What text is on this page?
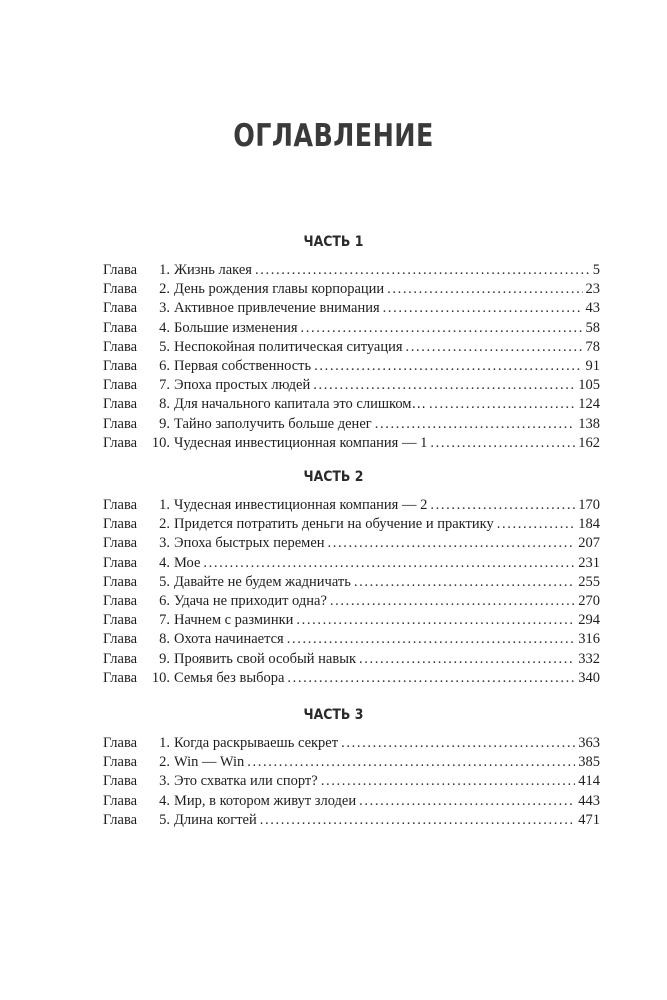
ОГЛАВЛЕНИЕ
ЧАСТЬ 1
Глава	1. Жизнь лакея . . .	5
Глава	2. День рождения главы корпорации . . .	23
Глава	3. Активное привлечение внимания . . .	43
Глава	4. Большие изменения . . .	58
Глава	5. Неспокойная политическая ситуация . . .	78
Глава	6. Первая собственность . . .	91
Глава	7. Эпоха простых людей . . .	105
Глава	8. Для начального капитала это слишком… . . .	124
Глава	9. Тайно заполучить больше денег . . .	138
Глава	10. Чудесная инвестиционная компания — 1 . . .	162
ЧАСТЬ 2
Глава	1. Чудесная инвестиционная компания — 2 . . .	170
Глава	2. Придется потратить деньги на обучение и практику . . .	184
Глава	3. Эпоха быстрых перемен . . .	207
Глава	4. Мое . . .	231
Глава	5. Давайте не будем жадничать . . .	255
Глава	6. Удача не приходит одна? . . .	270
Глава	7. Начнем с разминки . . .	294
Глава	8. Охота начинается . . .	316
Глава	9. Проявить свой особый навык . . .	332
Глава	10. Семья без выбора . . .	340
ЧАСТЬ 3
Глава	1. Когда раскрываешь секрет . . .	363
Глава	2. Win — Win . . .	385
Глава	3. Это схватка или спорт? . . .	414
Глава	4. Мир, в котором живут злодеи . . .	443
Глава	5. Длина когтей . . .	471
